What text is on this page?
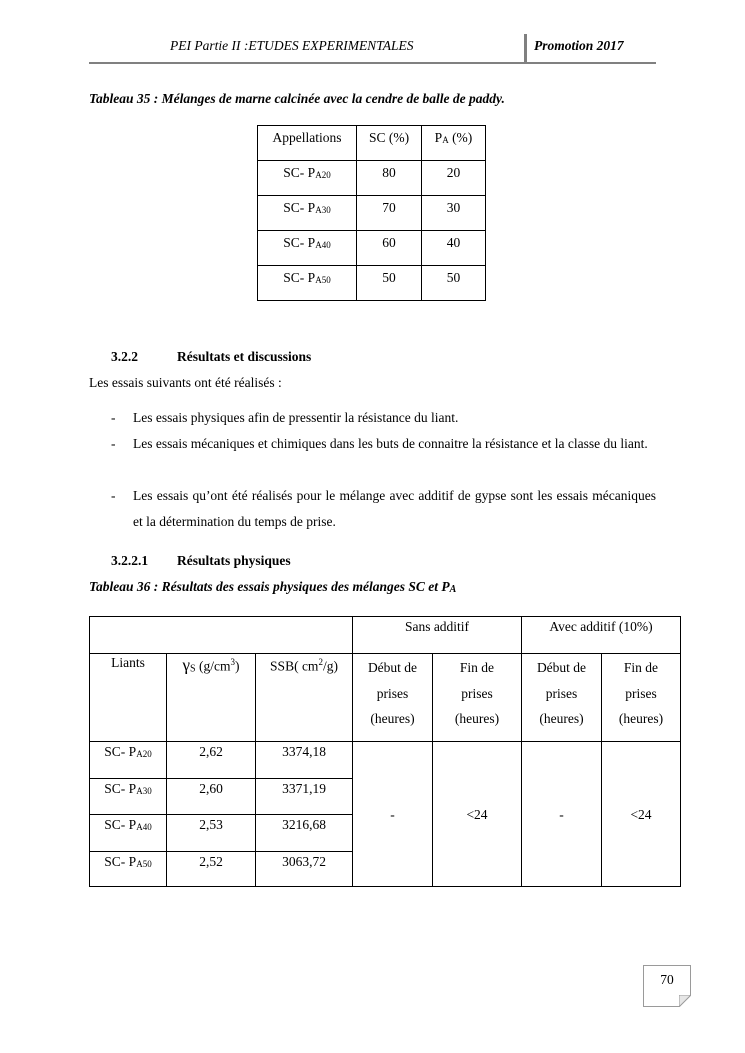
PEI Partie II :ETUDES EXPERIMENTALES	Promotion 2017
Tableau 35 : Mélanges de marne calcinée avec la cendre de balle de paddy.
Appellations	SC (%)	$P_A$ (%)
SC- $P_{A20}$	80	20
SC- $P_{A30}$	70	30
SC- $P_{A40}$	60	40
SC- $P_{A50}$	50	50
3.2.2	Résultats et discussions
Les essais suivants ont été réalisés :
- Les essais physiques afin de pressentir la résistance du liant.
- Les essais mécaniques et chimiques dans les buts de connaitre la résistance et la classe du liant.
- Les essais qu’ont été réalisés pour le mélange avec additif de gypse sont les essais mécaniques et la détermination du temps de prise.
3.2.2.1 Résultats physiques
Tableau 36 : Résultats des essais physiques des mélanges SC et $P_A$
			Sans additif		Avec additif (10%)	
Liants	$\gamma_S$ $(g/cm^3)$	SSB( $cm^2/g$)	Début de
prises
(heures)	Fin de
prises
(heures)	Début de
prises
(heures)	Fin de
prises
(heures)
SC- $P_{A20}$	2,62	3374,18	-	<24	-	<24
SC- $P_{A30}$	2,60	3371,19				
SC- $P_{A40}$	2,53	3216,68				
SC- $P_{A50}$	2,52	3063,72				
70
